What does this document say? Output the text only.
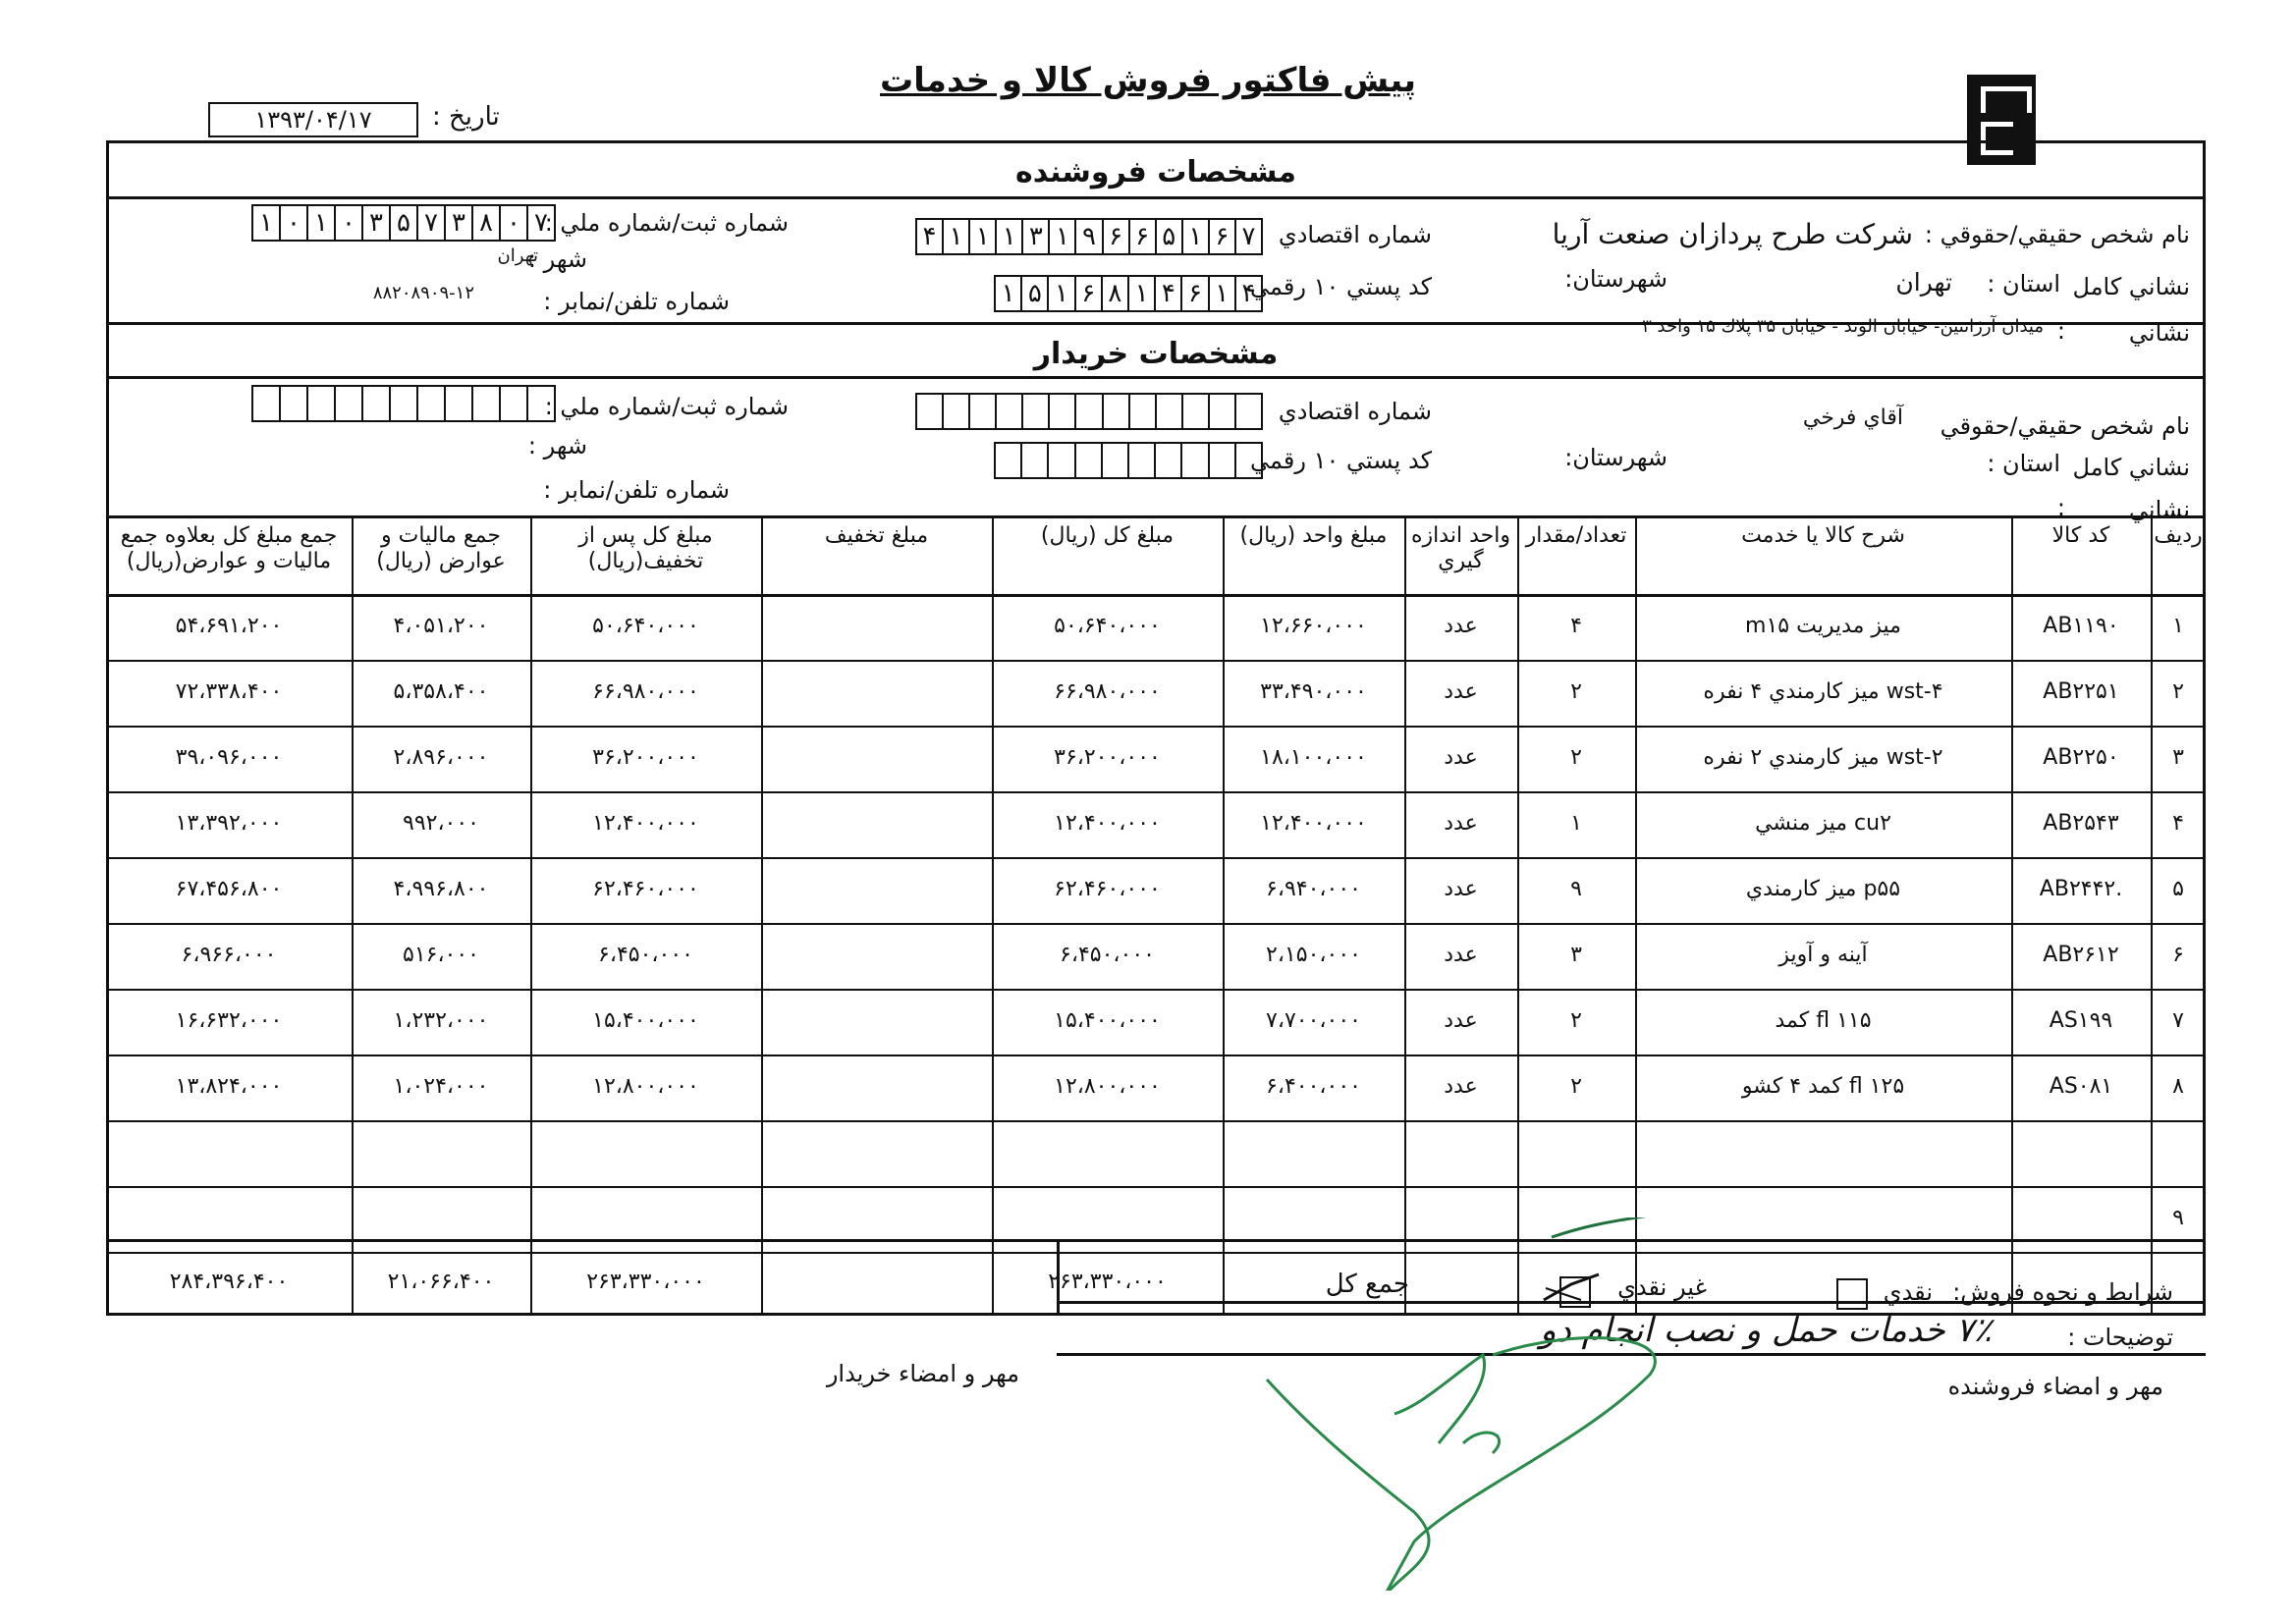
پيش فاكتور فروش كالا و خدمات
۱۳۹۳/۰۴/۱۷	تاريخ :
مشخصات فروشنده
نام شخص حقيقي/حقوقي :
شركت طرح پردازان صنعت آريا
شماره اقتصادي
۴ ۱ ۱ ۱ ۳ ۱ ۹ ۶ ۶ ۵ ۱ ۶ ۷
شماره ثبت/شماره ملي :
۱ ۰ ۱ ۰ ۳ ۵ ۷ ۳ ۸ ۰ ۷
نشاني كامل
استان :
تهران
شهرستان:
كد پستي ۱۰ رقمي
۱ ۵ ۱ ۶ ۸ ۱ ۴ ۶ ۱ ۴
شهر :
تهران
شماره تلفن/نمابر :
۸۸۲۰۸۹۰۹-۱۲
نشاني
:
ميدان آرژانتين- خيابان الوند - خيابان ۳۵ پلاك ۱۵ واحد ۳
مشخصات خريدار
نام شخص حقيقي/حقوقي
آقاي فرخي
شماره اقتصادي
شماره ثبت/شماره ملي :
نشاني كامل
استان :
شهرستان:
كد پستي ۱۰ رقمي
شهر :
شماره تلفن/نمابر :
نشاني
:
رديف
كد كالا
شرح كالا يا خدمت
تعداد/مقدار
واحد اندازه گيري
مبلغ واحد (ريال)
مبلغ كل (ريال)
مبلغ تخفيف
مبلغ كل پس از تخفيف(ريال)
جمع ماليات و عوارض (ريال)
جمع مبلغ كل بعلاوه جمع ماليات و عوارض(ريال)
۱
AB۱۱۹۰
ميز مديريت m۱۵
۴
عدد
۱۲،۶۶۰،۰۰۰
۵۰،۶۴۰،۰۰۰
۵۰،۶۴۰،۰۰۰
۴،۰۵۱،۲۰۰
۵۴،۶۹۱،۲۰۰
۲
AB۲۲۵۱
wst-۴ ميز كارمندي ۴ نفره
۲
عدد
۳۳،۴۹۰،۰۰۰
۶۶،۹۸۰،۰۰۰
۶۶،۹۸۰،۰۰۰
۵،۳۵۸،۴۰۰
۷۲،۳۳۸،۴۰۰
۳
AB۲۲۵۰
wst-۲ ميز كارمندي ۲ نفره
۲
عدد
۱۸،۱۰۰،۰۰۰
۳۶،۲۰۰،۰۰۰
۳۶،۲۰۰،۰۰۰
۲،۸۹۶،۰۰۰
۳۹،۰۹۶،۰۰۰
۴
AB۲۵۴۳
cu۲ ميز منشي
۱
عدد
۱۲،۴۰۰،۰۰۰
۱۲،۴۰۰،۰۰۰
۱۲،۴۰۰،۰۰۰
۹۹۲،۰۰۰
۱۳،۳۹۲،۰۰۰
۵
AB۲۴۴۲.
p۵۵ ميز كارمندي
۹
عدد
۶،۹۴۰،۰۰۰
۶۲،۴۶۰،۰۰۰
۶۲،۴۶۰،۰۰۰
۴،۹۹۶،۸۰۰
۶۷،۴۵۶،۸۰۰
۶
AB۲۶۱۲
آينه و آويز
۳
عدد
۲،۱۵۰،۰۰۰
۶،۴۵۰،۰۰۰
۶،۴۵۰،۰۰۰
۵۱۶،۰۰۰
۶،۹۶۶،۰۰۰
۷
AS۱۹۹
۱۱۵ fl كمد
۲
عدد
۷،۷۰۰،۰۰۰
۱۵،۴۰۰،۰۰۰
۱۵،۴۰۰،۰۰۰
۱،۲۳۲،۰۰۰
۱۶،۶۳۲،۰۰۰
۸
AS۰۸۱
۱۲۵ fl كمد ۴ كشو
۲
عدد
۶،۴۰۰،۰۰۰
۱۲،۸۰۰،۰۰۰
۱۲،۸۰۰،۰۰۰
۱،۰۲۴،۰۰۰
۱۳،۸۲۴،۰۰۰
۹
جمع كل
۲۶۳،۳۳۰،۰۰۰
۲۶۳،۳۳۰،۰۰۰
۲۱،۰۶۶،۴۰۰
۲۸۴،۳۹۶،۴۰۰	شرايط و نحوه فروش:
نقدي
غير نقدي
توضيحات :
۷٪ خدمات حمل و نصب انجام دو
مهر و امضاء فروشنده
مهر و امضاء خريدار
